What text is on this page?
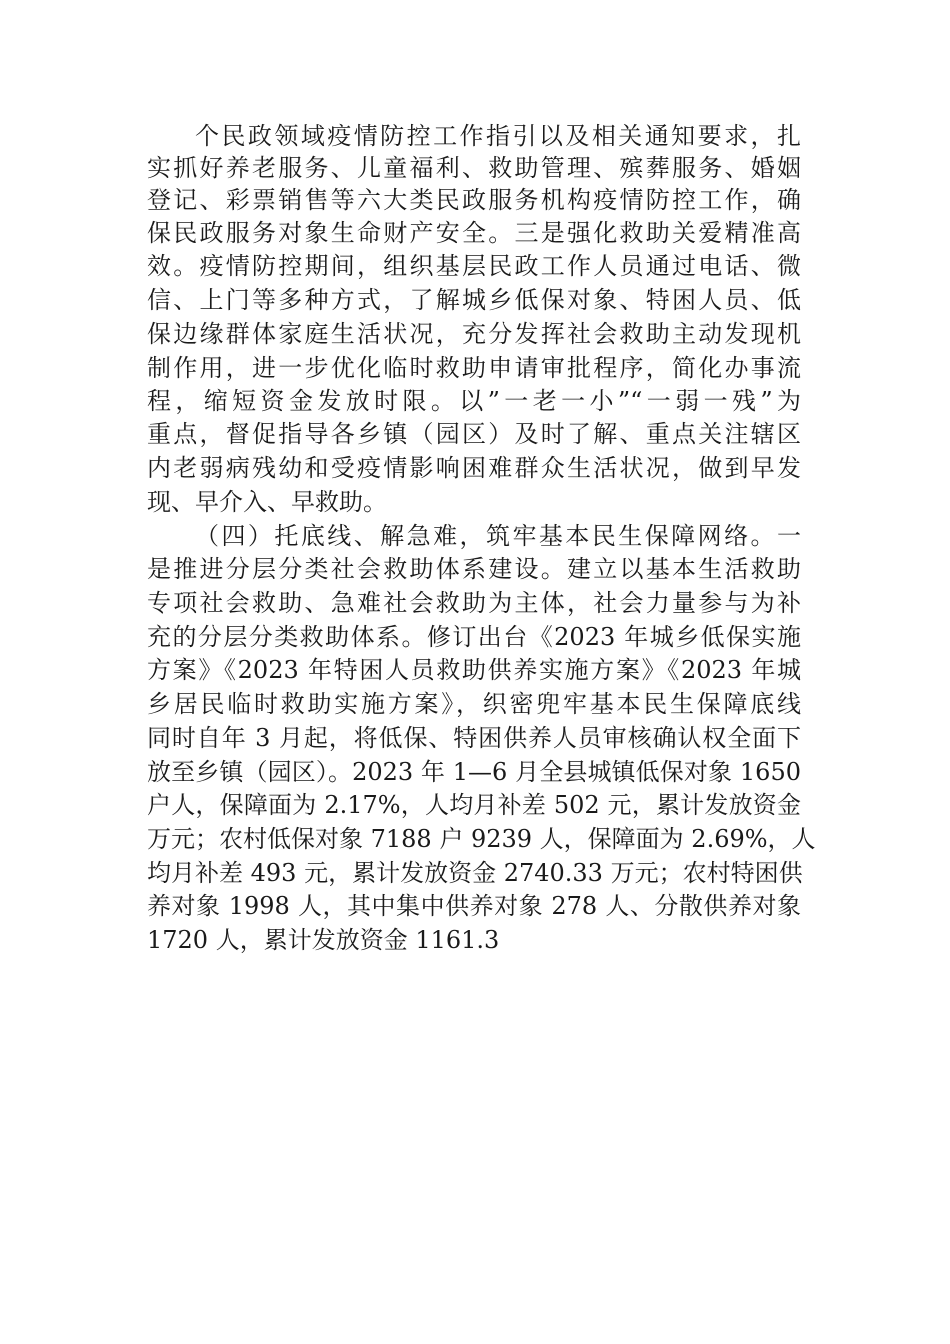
个民政领域疫情防控工作指引以及相关通知要求，扎
实抓好养老服务、儿童福利、救助管理、殡葬服务、婚姻
登记、彩票销售等六大类民政服务机构疫情防控工作，确
保民政服务对象生命财产安全。三是强化救助关爱精准高
效。疫情防控期间，组织基层民政工作人员通过电话、微
信、上门等多种方式，了解城乡低保对象、特困人员、低
保边缘群体家庭生活状况，充分发挥社会救助主动发现机
制作用，进一步优化临时救助申请审批程序，简化办事流
程，缩短资金发放时限。以”一老一小”“一弱一残”为
重点，督促指导各乡镇（园区）及时了解、重点关注辖区
内老弱病残幼和受疫情影响困难群众生活状况，做到早发
现、早介入、早救助。
（四）托底线、解急难，筑牢基本民生保障网络。一
是推进分层分类社会救助体系建设。建立以基本生活救助
专项社会救助、急难社会救助为主体，社会力量参与为补
充的分层分类救助体系。修订出台《2023 年城乡低保实施
方案》《2023 年特困人员救助供养实施方案》《2023 年城
乡居民临时救助实施方案》，织密兜牢基本民生保障底线
同时自年 3 月起，将低保、特困供养人员审核确认权全面下
放至乡镇（园区）。2023 年 1—6 月全县城镇低保对象 1650
户人，保障面为 2.17%，人均月补差 502 元，累计发放资金
万元；农村低保对象 7188 户 9239 人，保障面为 2.69%，人
均月补差 493 元，累计发放资金 2740.33 万元；农村特困供
养对象 1998 人，其中集中供养对象 278 人、分散供养对象
1720 人，累计发放资金 1161.3
